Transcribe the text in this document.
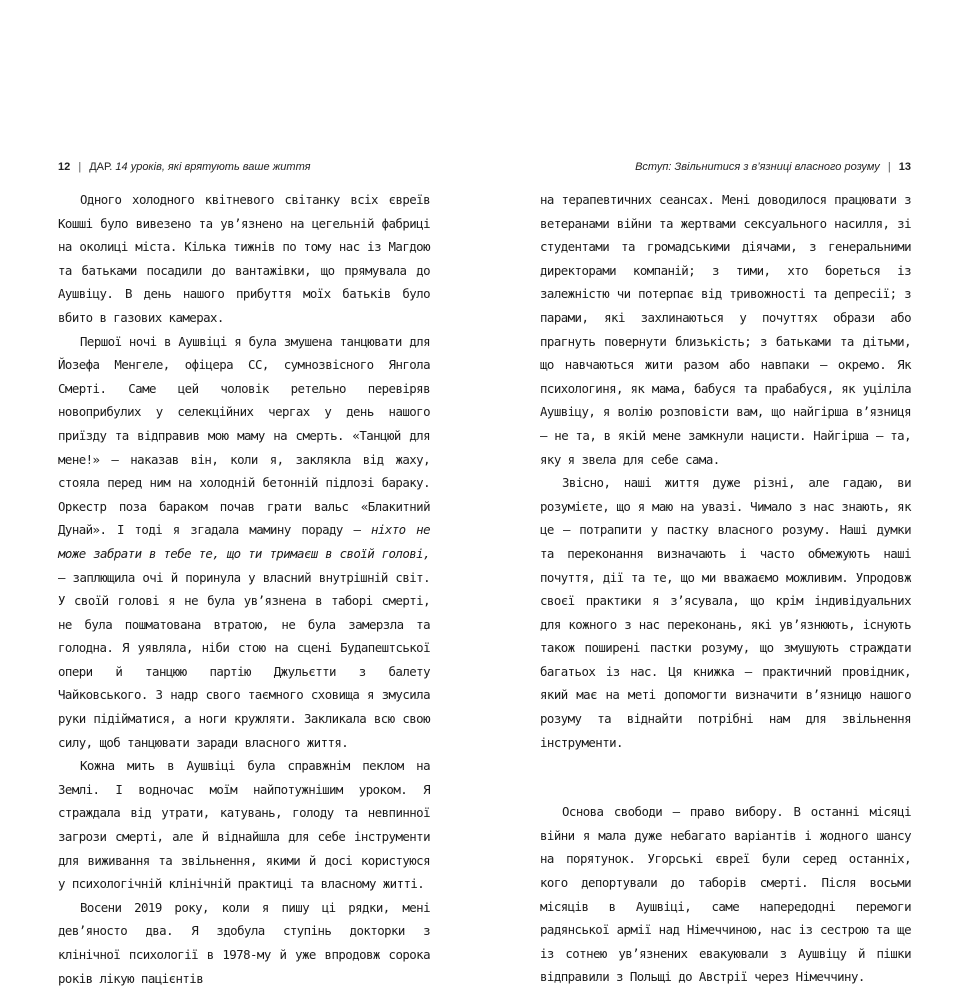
12 | ДАР. 14 уроків, які врятують ваше життя

Одного холодного квітневого світанку всіх євреїв Кошші було вивезено та ув’язнено на цегельній фабриці на околиці міста. Кілька тижнів по тому нас із Магдою та батьками посадили до вантажівки, що прямувала до Аушвіцу. В день нашого прибуття моїх батьків було вбито в газових камерах.

Першої ночі в Аушвіці я була змушена танцювати для Йозефа Менгеле, офіцера СС, сумнозвісного Янгола Смерті. Саме цей чоловік ретельно перевіряв новоприбулих у селекційних чергах у день нашого приїзду та відправив мою маму на смерть. «Танцюй для мене!» — наказав він, коли я, заклякла від жаху, стояла перед ним на холодній бетонній підлозі бараку. Оркестр поза бараком почав грати вальс «Блакитний Дунай». І тоді я згадала мамину пораду — ніхто не може забрати в тебе те, що ти тримаєш в своїй голові, — заплющила очі й поринула у власний внутрішній світ. У своїй голові я не була ув’язнена в таборі смерті, не була пошматована втратою, не була замерзла та голодна. Я уявляла, ніби стою на сцені Будапештської опери й танцюю партію Джульєтти з балету Чайковського. З надр свого таємного сховища я змусила руки підійматися, а ноги кружляти. Закликала всю свою силу, щоб танцювати заради власного життя.

Кожна мить в Аушвіці була справжнім пеклом на Землі. І водночас моїм найпотужнішим уроком. Я страждала від утрати, катувань, голоду та невпинної загрози смерті, але й віднайшла для себе інструменти для виживання та звільнення, якими й досі користуюся у психологічній клінічній практиці та власному житті.

Восени 2019 року, коли я пишу ці рядки, мені дев’яносто два. Я здобула ступінь докторки з клінічної психології в 1978-му й уже впродовж сорока років лікую пацієнтів

Вступ: Звільнитися з в’язниці власного розуму | 13

на терапевтичних сеансах. Мені доводилося працювати з ветеранами війни та жертвами сексуального насилля, зі студентами та громадськими діячами, з генеральними директорами компаній; з тими, хто бореться із залежністю чи потерпає від тривожності та депресії; з парами, які захлинаються у почуттях образи або прагнуть повернути близькість; з батьками та дітьми, що навчаються жити разом або навпаки — окремо. Як психологиня, як мама, бабуся та прабабуся, як уціліла Аушвіцу, я волію розповісти вам, що найгірша в’язниця — не та, в якій мене замкнули нацисти. Найгірша — та, яку я звела для себе сама.

Звісно, наші життя дуже різні, але гадаю, ви розумієте, що я маю на увазі. Чимало з нас знають, як це — потрапити у пастку власного розуму. Наші думки та переконання визначають і часто обмежують наші почуття, дії та те, що ми вважаємо можливим. Упродовж своєї практики я з’ясувала, що крім індивідуальних для кожного з нас переконань, які ув’язнюють, існують також поширені пастки розуму, що змушують страждати багатьох із нас. Ця книжка — практичний провідник, який має на меті допомогти визначити в’язницю нашого розуму та віднайти потрібні нам для звільнення інструменти.

Основа свободи — право вибору. В останні місяці війни я мала дуже небагато варіантів і жодного шансу на порятунок. Угорські євреї були серед останніх, кого депортували до таборів смерті. Після восьми місяців в Аушвіці, саме напередодні перемоги радянської армії над Німеччиною, нас із сестрою та ще із сотнею ув’язнених евакуювали з Аушвіцу й пішки відправили з Польщі до Австрії через Німеччину.
